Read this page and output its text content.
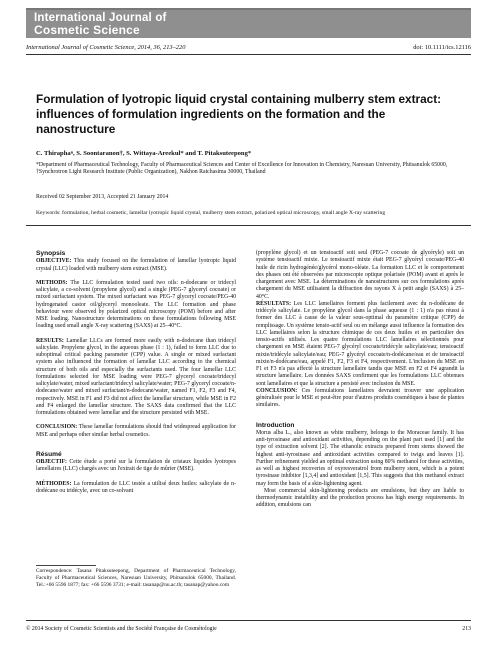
International Journal of
Cosmetic Science
International Journal of Cosmetic Science, 2014, 36, 213–220	doi: 10.1111/ics.12116
Formulation of lyotropic liquid crystal containing mulberry stem extract: influences of formulation ingredients on the formation and the nanostructure
C. Thiraphaⁿ, S. Soontaranon†, S. Wittaya-Areekul* and T. Pitaksuteepong*
*Department of Pharmaceutical Technology, Faculty of Pharmaceutical Sciences and Center of Excellence for Innovation in Chemistry, Naresuan University, Phitsanulok 65000, †Synchrotron Light Research Institute (Public Organization), Nakhon Ratchasima 30000, Thailand
Received 02 September 2013, Accepted 21 January 2014
Keywords: formulation, herbal cosmetic, lamellar lyotropic liquid crystal, mulberry stem extract, polarized optical microscopy, small angle X-ray scattering
Synopsis

OBJECTIVE: This study focused on the formulation of lamellar lyotropic liquid crystal (LLC) loaded with mulberry stem extract (MSE).

METHODS: The LLC formulation tested used two oils: n-dodecane or tridecyl salicylate, a co-solvent (propylene glycol) and a single (PEG-7 glyceryl cocoate) or mixed surfactant system. The mixed surfactant was PEG-7 glyceryl cocoate/PEG-40 hydrogenated castor oil/glyceryl monooleate. The LLC formation and phase behaviour were observed by polarized optical microscopy (POM) before and after MSE loading. Nanostructure determinations on these formulations following MSE loading used small angle X-ray scattering (SAXS) at 25–40°C.

RESULTS: Lamellar LLCs are formed more easily with n-dodecane than tridecyl salicylate. Propylene glycol, in the aqueous phase (1 : 1), failed to form LLC due to suboptimal critical packing parameter (CPP) value. A single or mixed surfactant system also influenced the formation of lamellar LLC according to the chemical structure of both oils and especially the surfactants used. The four lamellar LLC formulations selected for MSE loading were PEG-7 glyceryl cocoate/tridecyl salicylate/water, mixed surfactant/tridecyl salicylate/water; PEG-7 glyceryl cocoate/n-dodecane/water and mixed surfactant/n-dodecane/water, named F1, F2, F3 and F4, respectively. MSE in F1 and F3 did not affect the lamellar structure, while MSE in F2 and F4 enlarged the lamellar structure. The SAXS data confirmed that the LLC formulations obtained were lamellar and the structure persisted with MSE.

CONCLUSION: These lamellar formulations should find widespread application for MSE and perhaps other similar herbal cosmetics.

Résumé

OBJECTIF: Cette étude a porté sur la formulation de cristaux liquides lyotropes lamellaires (LLC) chargés avec un l'extrait de tige de mûrier (MSE).

MÉTHODES: La formulation de LLC testée a utilisé deux huiles: salicylate de n-dodécane ou tridécyle, avec un co-solvant

Correspondence: Tasana Pitaksuteepong, Department of Pharmaceutical Technology, Faculty of Pharmaceutical Sciences, Naresuan University, Phitsanulok 65000, Thailand. Tel.:+66 5596 1877; fax: +66 5596 3731; e-mail: tasanap@nu.ac.th; tasanap@yahoo.com

(propylène glycol) et un tensioactif soit seul (PEG-7 cocoate de glycéryle) soit un système tensioactif mixte. Le tensioactif mixte était PEG-7 glycéryl cocoate/PEG-40 huile de ricin hydrogénée/glycérol mono-oléate. La formation LLC et le comportement des phases ont été observées par microscopie optique polarisée (POM) avant et après le chargement avec MSE. La déterminations de nanostructures sur ces formulations après chargement du MSE utilisaient la diffraction des rayons X à petit angle (SAXS) à 25–40°C.

RÉSULTATS: Les LLC lamellaires forment plus facilement avec du n-dodécane de tridécyle salicylate. Le propylène glycol dans la phase aqueuse (1 : 1) n'a pas réussi à former des LLC à cause de la valeur sous-optimal du paramètre critique (CPP) de remplissage. Un système tensio-actif seul ou en mélange aussi influence la formation des LLC lamellaires selon la structure chimique de ces deux huiles et en particulier des tensio-actifs utilisés. Les quatre formulations LLC lamellaires sélectionnés pour chargement en MSE étaient PEG-7 glycéryl cocoate/tridécyle salicylate/eau; tensioactif mixte/tridécyle salicylate/eau; PEG-7 glycéryl cocoate/n-dodécane/eau et de tensioactif mixte/n-dodécane/eau, appelé F1, F2, F3 et F4, respectivement. L'inclusion du MSE en F1 et F3 n'a pas affecté la structure lamellaire tandis que MSE en F2 et F4 agrandit la structure lamellaire. Les données SAXS confirment que les formulations LLC obtenues sont lamellaires et que la structure a persisté avec inclusion du MSE.

CONCLUSION: Ces formulations lamellaires devraient trouver une application généralisée pour le MSE et peut-être pour d'autres produits cosmétiques à base de plantes similaires.

Introduction

Morus alba L., also known as white mulberry, belongs to the Moraceae family. It has anti-tyrosinase and antioxidant activities, depending on the plant part used [1] and the type of extraction solvent [2]. The ethanolic extracts prepared from stems showed the highest anti-tyrosinase and antioxidant activities compared to twigs and leaves [1]. Further refinement yielded an optimal extraction using 80% methanol for these activities, as well as highest recoveries of oxyresveratrol from mulberry stem, which is a potent tyrosinase inhibitor [1,3,4] and antioxidant [1,5]. This suggests that this methanol extract may form the basis of a skin-lightening agent.

Most commercial skin-lightening products are emulsions, but they are liable to thermodynamic instability and the production process has high energy requirements. In addition, emulsions can

© 2014 Society of Cosmetic Scientists and the Société Française de Cosmétologie	213
